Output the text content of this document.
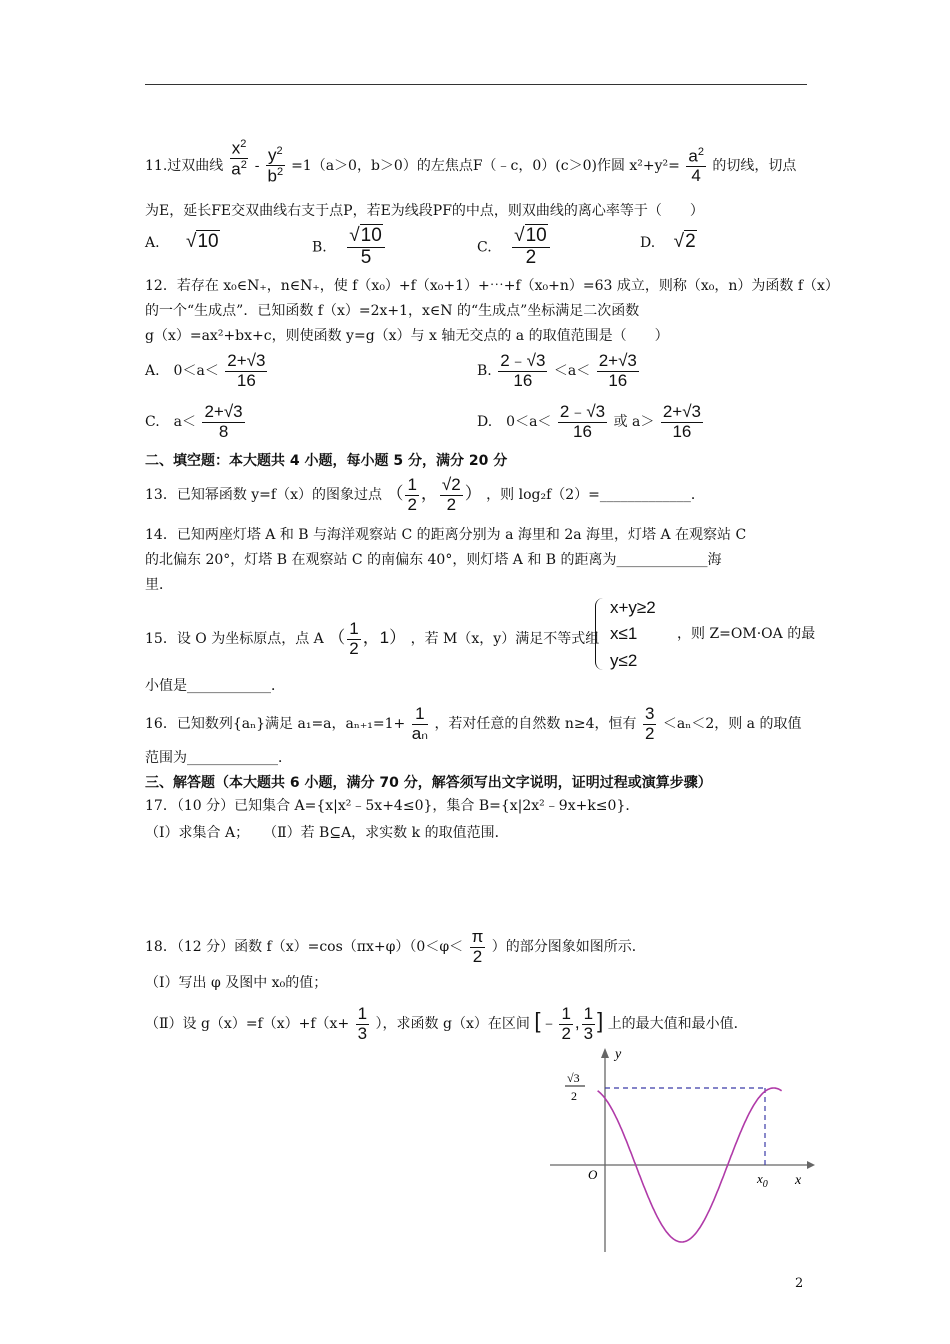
11.过双曲线 $\frac{x^2}{a^2} - \frac{y^2}{b^2} =1(a>0$，b＞0）的左焦点F（﹣c，0）(c＞0)作圆 $x^2+y^2= \frac{a^2}{4}$ 的切线，切点
为E，延长FE交双曲线右支于点P，若E为线段PF的中点，则双曲线的离心率等于（　　）
A. √10	B. $\frac{√10}{5}$	C. $\frac{√10}{2}$	D. √2
12．若存在 x₀∈N₊，n∈N₊，使 f（x₀）+f（x₀+1）+⋯+f（x₀+n）=63 成立，则称（x₀，n）为函数 f（x）
的一个“生成点”．已知函数 f（x）=2x+1，x∈N 的“生成点”坐标满足二次函数
g（x）=ax²+bx+c，则使函数 y=g（x）与 x 轴无交点的 a 的取值范围是（　　）
A.　$0<a< \frac{2+√3}{16}$	B. $\frac{2﹣√3}{16} <a< \frac{2+√3}{16}$
C.　$a< \frac{2+√3}{8}$	D.　$0<a< \frac{2﹣√3}{16}$ 或 $a> \frac{2+√3}{16}$
二、填空题：本大题共 4 小题，每小题 5 分，满分 20 分
13．已知幂函数 y=f（x）的图象过点 （ $\frac{1}{2}$ ， $\frac{√2}{2}$ ） ，则 log₂f（2）=_____________．
14．已知两座灯塔 A 和 B 与海洋观察站 C 的距离分别为 a 海里和 2a 海里，灯塔 A 在观察站 C
的北偏东 20°，灯塔 B 在观察站 C 的南偏东 40°，则灯塔 A 和 B 的距离为_____________海
里．
15．设 O 为坐标原点，点 A （ $\frac{1}{2}$ ，1） ，若 M（x，y）满足不等式组
x+y≥2
x≤1
y≤2
，则 Z=OM·OA 的最
小值是____________．
16．已知数列{aₙ}满足 a₁=a，$a_{n+1}=1+ \frac{1}{\text{aₙ}}$ ，若对任意的自然数 n≥4，恒有 $\frac{3}{2} <a_n<2$，则 a 的取值
范围为_____________．
三、解答题（本大题共 6 小题，满分 70 分，解答须写出文字说明，证明过程或演算步骤）
17．（10 分）已知集合 A={x|x²﹣5x+4≤0}，集合 B={x|2x²﹣9x+k≤0}．
（Ⅰ）求集合 A；　　（Ⅱ）若 B⊆A，求实数 k 的取值范围．
18．（12 分）函数 $f(x)=\cos(\pi x+\varphi)(0<\varphi< \frac{\pi}{2}$ ）的部分图象如图所示．
（Ⅰ）写出 φ 及图中 x₀的值；
（Ⅱ）设 $g(x)=f(x)+f(x+ \frac{1}{3}$ ），求函数 g（x）在区间 [﹣ $\frac{1}{2}$ , $\frac{1}{3}$ ] 上的最大值和最小值．
y
x
O	$x_0$
√3
2
2
